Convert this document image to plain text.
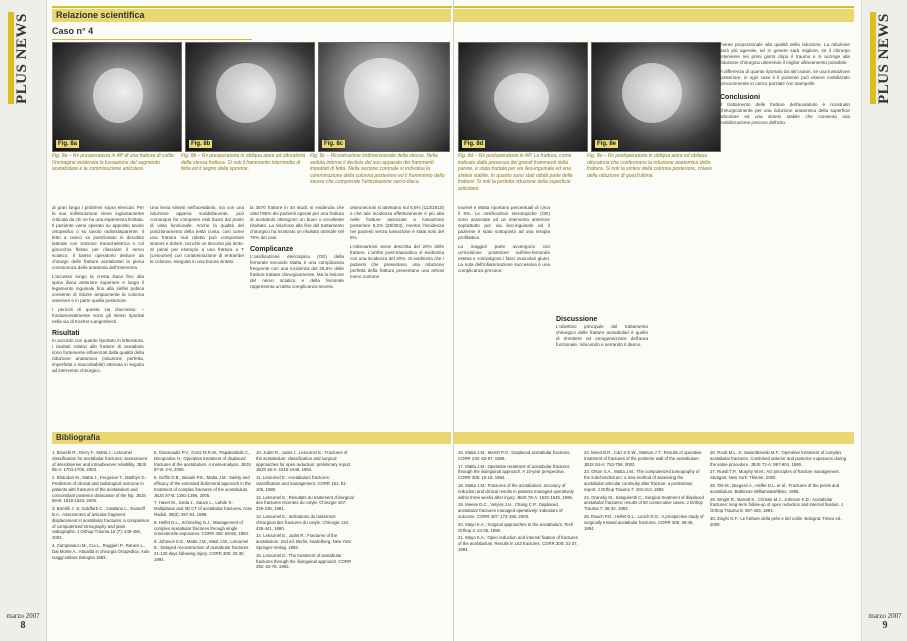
PLUS NEWS
marzo 2007
8
Relazione scientifica
Caso n° 4
Fig. 8a	Fig. 8b	Fig. 8c
Fig. 8a – Rx preoperatoria in AP di una frattura di cotile: l'immagine evidenzia la lussazione del segmento acetabolare e la comminuzione articolare.
Fig. 8b – Rx preoperatoria in obliqua alare ed otturatoria della stessa frattura. Si noti il frammento intermedio di fetta ed il segno della sporone.
Fig. 8c – Ricostruzione tridimensionale della stessa. Nella seduta interna il declivio del suo apparato dei frammenti impattati di fetta. Nella sezione coronale si individua la comminuzione della colonna posteriore ed il frammento dello stesso che comprende l'articolazione sacro-iliaca.
di gran lunga i problemi sopra elencati. Per la sua sofisticazione viene ingiustamente criticata da chi ne ha una esperienza limitata. Il paziente viene operato su apposito tavolo ortopedico o su tavolo radiotrasparente. Il letto a carico va posizionato in decubito laterale con trazione transcheletrica o col ginocchio flesso per rilasciare il nervo sciatico. Il basso operatorio deduce da chirurgo delle fratture acetabolari la piena conoscenza della anatomia dell'intervento.
L'accesso lungo la cresta iliaca fino alla spina iliaca anteriore superiore e lungo il legamento inguinale fino alla sinfisi pubica consente di ridurre ampiamente la colonna anteriore e in parte quella posteriore.
I pericoli di questa via d'accesso: – fondamentalmente sono gli stessi riportati nella via di Kocher-Langenbeck.
Risultati
In accordo con quanto riportato in letteratura, i risultati relativi alle fratture di acetabolo sono fortemente influenzati dalla qualità della riduzione anatomica (riduzione perfetta, imperfetta o inaccettabile) ottenuta in seguito ad intervento chirurgico.
Una lenta sintesi nell'acetabolo, ma con una riduzione appena soddisfacente, può comunque far comparire esiti buoni dal punto di vista funzionale. Anche la qualità del posizionamento della testa conta, così come una frattura mal ridotta può comportare sintomi e dolore, nonché un decorso più lento. Si pensi per esempio a una frattura a T (Letournel) con contaminazione di entrambe le colonne, eseguita in una buona sintesi.
la 3670 fratture in 34 studi, si evidenzia che oltre l'85% dei pazienti operati per una frattura di acetabolo ottengono un buon o eccellente risultato. La riduzione alla fine del trattamento chirurgico ha mostrato un risultato ottimale nel 75% dei casi.
Complicanze
L'ossificazione eterotopica (OE) della femorale secondo Matta è una complicanza frequente con una incidenza del 25,6% delle fratture trattate chirurgicamente. Ma la lesione del nervo sciatico e della femorale rappresenta un'altra complicanza severa.
osteonecrosi si attestano sul 5,6% (113/2010) e che tale incidenza effettivamente è più alta nelle fratture associate a lussazione posteriore 9,2% (28/304), mentre l'incidenza nei pazienti senza lussazione è stata solo del 5%.
L'osteoartrosi viene descritta del 20% delle fratture. L'artrite post-traumatica si evidenzia con una incidenza del 20%. Si evidenzia che i pazienti che presentano una riduzione perfetta della frattura presentano una artrosi meno comune.
Bibliografia

1. Brueckl R., Derry F., Matta J.: Letournel classification for acetabular fractures: assessment of interobserver and intraobserver reliability. JBJS 85-A: 1704-1709, 2003.

2. Bhandari M., Matta J., Ferguson T., Matthys G.: Predictors of clinical and radiological outcome in patients with fractures of the acetabulum and concomitant posterior dislocation of the hip. JBJS 88-B: 1618-1624, 2006.

3. Borrelli J. Jr, Goldfarb C., Catalano L., Evanoff B.A.: Assessment of articular fragment displacement in acetabular fractures: a comparison of computerized tomography and plain radiographs. J Orthop Trauma 16 (7): 449-456, 2002.

4. Campanacci M., Cui L., Ruggieri P., Ranieri L., Dal Monte A.: Attualità in chirurgia Ortopedica. Aulo Gaggi editore Bologna 1983.

5. Giannoudis P.V., Grotz M.R.W., Papakostidis C., Dinopoulos H.: Operative treatment of displaced fractures of the acetabulum. A meta-analysis. JBJS 87-B: 2-9, 2005.

6. Griffin D.B., Beaulé P.E., Matta J.M.: Safety and efficacy of the extended iliofemoral approach in the treatment of complex fractures of the acetabulum. JBJS 87-B: 1391-1396, 2005.

7. Havet M., Jurda J., Sauve L., Lahde S.: Multiplanar and 3D CT of acetabular fractures. Acta Radiol. 39(3): 257-64, 1998.

8. Helfet D.L., Schmeling G.J.: Management of complex acetabular fractures through single nonextensile exposures. CORR 305: 58-68, 1994.

9. Johnson E.E., Matta J.M., Mast J.W., Letournel E.: Delayed reconstruction of acetabular fractures 21-120 days following injury. CORR 305: 20-30, 1994.

10. Judet R., Judet J., Letournel E.: Fractures of the acetabulum: classification and surgical approaches for open reduction: preliminary report. JBJS 46-A: 1615-1646, 1964.

11. Letournel E.: Acetabulum fractures: classification and management. CORR 151: 81-106, 1980.

12. Letournel E.: Résultats du traitement chirurgical des fractures récentes du cotyle. Chirurgie 107: 229-236, 1981.

13. Letournel E.: Indications du traitement chirurgical des fractures du cotyle. Chirurgie 116: 435-441, 1990.

14. Letournel E., Judet R.: Fractures of the acetabulum. 2nd ed. Berlin, Heidelberg, New York: Springer-Verlag, 1993.

15. Letournel E.: The treatment of acetabular fractures through the ilioinguinal approach. CORR 292: 62-76, 1993.

Fig. 8d	Fig. 8e
Fig. 8d – Rx postoperatoria in AP. La frattura, come indicato dalla presenza dei grandi frammenti della parete, è stata trattata per via ileo-inguinale ed una sintesi stabile. In quanto sono stati ridotti parte delle fratture: Si noti la perfetta riduzione della superficie articolare.
Fig. 8e – Rx postoperatoria in obliqua alare ed obliqua otturatoria che confermano la riduzione anatomica della frattura. Si noti la sintesi della colonna posteriore, chiave della riduzione di quest'ultima.
tournel e Matta riportano percentuali di circa il 5%. Le ossificazioni eterotopiche (OE) sono associate ad un intervento anteriore soprattutto per via ileo-inguinale ed il paziente è stato sottoposto ad una terapia profilattica.
La maggior parte avvengono con un'incisione posteriore sull'ileo-femorale estesa e coinvolgono i fasci muscolari glutei. La nota dell'infiammazione successiva è una complicanza precoce.
Discussione
L'obiettivo principale del trattamento chirurgico delle fratture acetabolari è quello di rimettere ed omogeneizzare dell'area funzionale, riducendo e serrando il danno.
mente proporzionale alla qualità della riduzione. La riduzione sarà più agevole, ed in genere sarà migliore, se il chirurgo interviene nei primi giorni dopo il trauma e si accinge alla riduzione chirurgica ottenendo il miglior allineamento possibile.
A differenza di quanto riportato da altri autori, se una lussazione posteriore, in ogni caso è il paziente può essere mobilizzato precocemente in carico parziale con stampelle.
Conclusioni
Il trattamento delle fratture dell'acetabolo è ricostruito chirurgicamente per una riduzione anatomica della superficie articolare ed una sintesi stabile che consenta una mobilizzazione precoce dell'arto.

16. Matta J.M., Merritt P.O.: Displaced acetabular fractures. CORR 230: 83-97, 1988.

17. Matta J.M.: Operative treatment of acetabular fractures through the ilioinguinal approach. A 10-year perspective. CORR 305: 10-19, 1994.

18. Matta J.M.: Fractures of the acetabulum: accuracy of reduction and clinical results in patients managed operatively within three weeks after injury. JBJS 78-A: 1632-1645, 1996.

19. Meese D.C., Velyvis J.H., Chang C.P.: Displaced acetabular fractures managed operatively: indicators of outcome. CORR 407: 173-186, 2003.

20. Mayo K.A.: Surgical approaches to the acetabulum. Tech Orthop 4: 24-35, 1990.

21. Mayo K.A.: Open reduction and internal fixation of fractures of the acetabulum. Results in 163 fractures. CORR 305: 31-37, 1994.

22. Moed B.R., Carr S.E.W., Watson J.T.: Results of operative treatment of fractures of the posterior wall of the acetabulum. JBJS 84-A: 752-758, 2002.

23. Olson S.A., Matta J.M.: The computerized tomography of the subchondral arc: a new method of assessing the acetabular articular continuity after fracture: a preliminary report. J Orthop Trauma 7: 402-413, 1993.

24. Oransky M., Sanguinetti C.: Surgical treatment of displaced acetabular fractures: results of 50 consecutive cases. J Orthop Trauma 7: 28-32, 1993.

25. Rauch P.D., Helfet D.L., Lorich D.G.: A prospective study of surgically treated acetabular fractures. CORR 305: 38-46, 1994.

26. Routt M.L. Jr, Swiontkowski M.F.: Operative treatment of complex acetabular fractures. Combined anterior and posterior exposures during the same procedure. JBJS 72-A: 897-904, 1990.

27. Ruedi T.P., Murphy W.M.: AO principles of fracture management. Stuttgart, New York: Thieme, 2000.

28. Tile M., Burgess A., Helfet D.L. et al.: Fractures of the pelvis and acetabulum. Baltimore Williams&Wilkins, 1995.

29. Wright R., Barrett K., Christie M.J., Johnson K.D.: Acetabular fractures: long-term follow-up of open reduction and internal fixation. J Orthop Trauma 8: 397-403, 1994.

30. Zinghi G.F.: Le fratture della pelvi e del cotile. Bologna: Timeo ed., 2005.

PLUS NEWS
marzo 2007
9
